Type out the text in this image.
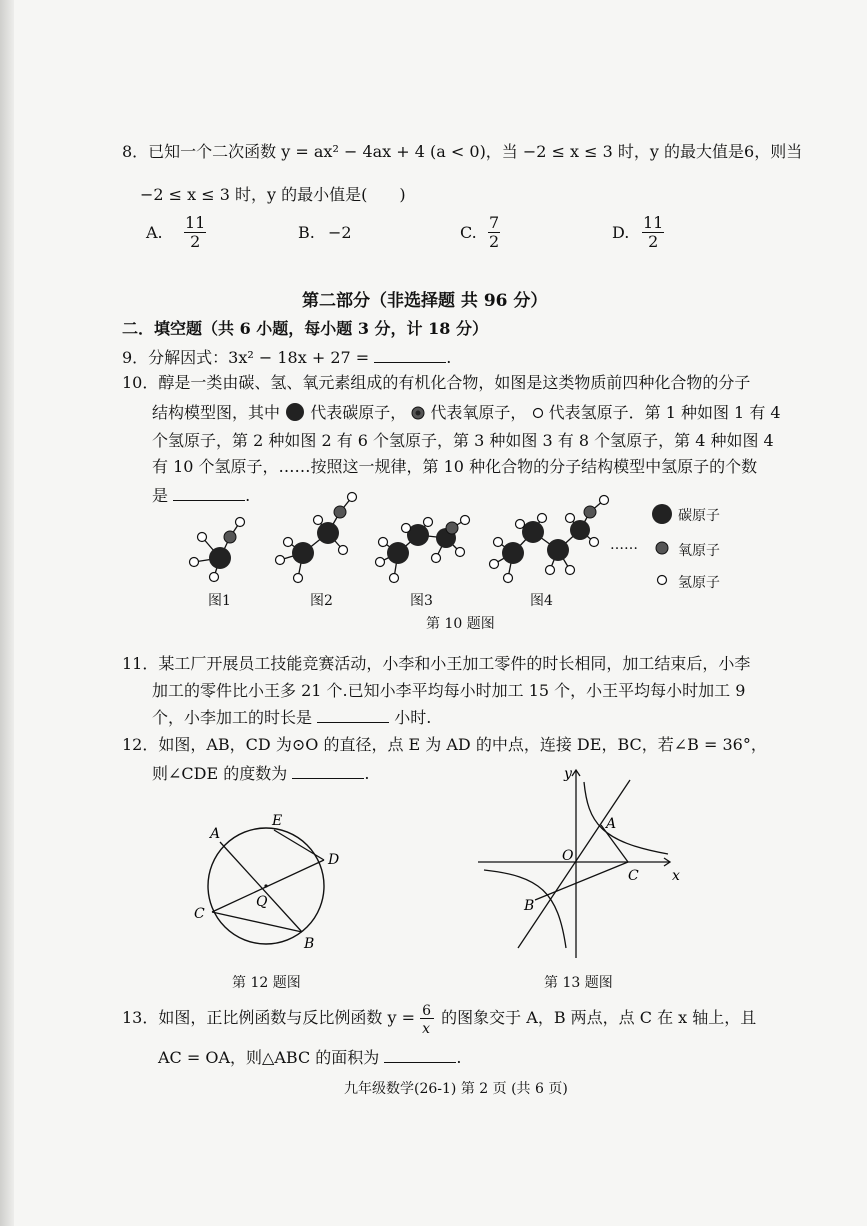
8．已知一个二次函数 y = ax² − 4ax + 4 (a < 0)，当 −2 ≤ x ≤ 3 时，y 的最大值是6，则当
−2 ≤ x ≤ 3 时，y 的最小值是(　　)
A. $\frac{11}{2}$	B. −2	C. $\frac{7}{2}$	D. $\frac{11}{2}$
第二部分（非选择题 共 96 分）
二．填空题（共 6 小题，每小题 3 分，计 18 分）
9．分解因式：3x² − 18x + 27 =	.
10．醇是一类由碳、氢、氧元素组成的有机化合物，如图是这类物质前四种化合物的分子
结构模型图，其中 代表碳原子， 代表氧原子， 代表氢原子．第 1 种如图 1 有 4
个氢原子，第 2 种如图 2 有 6 个氢原子，第 3 种如图 3 有 8 个氢原子，第 4 种如图 4
有 10 个氢原子，……按照这一规律，第 10 种化合物的分子结构模型中氢原子的个数
是	.
……
碳原子
氧原子
氢原子
图1	图2	图3	图4
第 10 题图
11．某工厂开展员工技能竞赛活动，小李和小王加工零件的时长相同，加工结束后，小李
加工的零件比小王多 21 个.已知小李平均每小时加工 15 个，小王平均每小时加工 9
个，小李加工的时长是	小时.
12．如图，AB，CD 为⊙O 的直径，点 E 为 AD 的中点，连接 DE，BC，若∠B = 36°，
则∠CDE 的度数为	.
A
E
D
C
Q
B
第 12 题图
y
x
A
O
C
B
第 13 题图
13．如图，正比例函数与反比例函数 $y = \frac{6}{x}$ 的图象交于 A，B 两点，点 C 在 x 轴上，且
AC = OA，则△ABC 的面积为	.
九年级数学(26-1) 第 2 页 (共 6 页)
